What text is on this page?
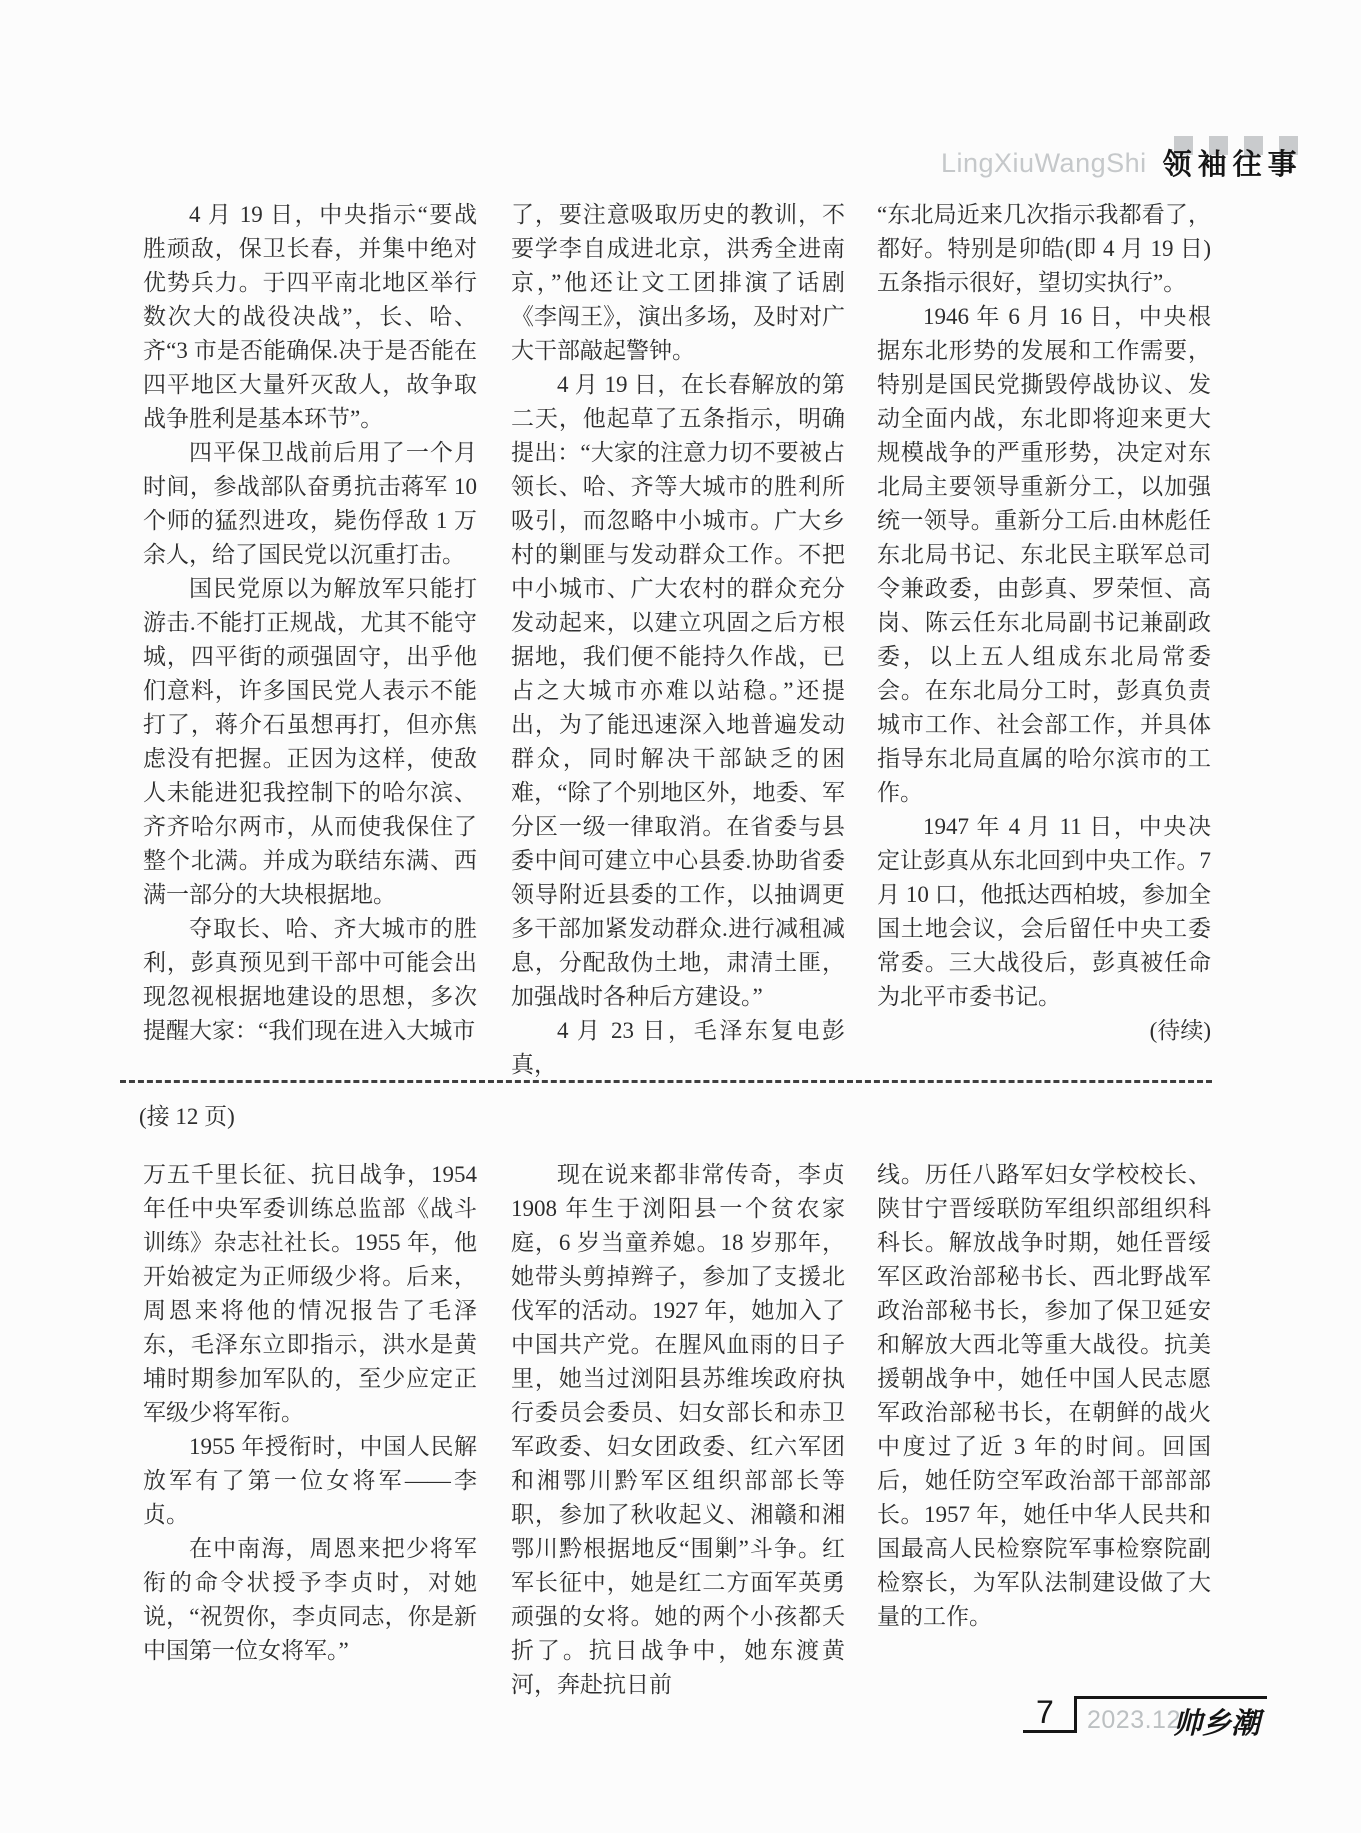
LingXiuWangShi 领 袖 往 事

4 月 19 日，中央指示“要战胜顽敌，保卫长春，并集中绝对优势兵力。于四平南北地区举行数次大的战役决战”，长、哈、齐“3 市是否能确保.决于是否能在四平地区大量歼灭敌人，故争取战争胜利是基本环节”。

四平保卫战前后用了一个月时间，参战部队奋勇抗击蒋军 10 个师的猛烈进攻，毙伤俘敌 1 万余人，给了国民党以沉重打击。

国民党原以为解放军只能打游击.不能打正规战，尤其不能守城，四平街的顽强固守，出乎他们意料，许多国民党人表示不能打了，蒋介石虽想再打，但亦焦虑没有把握。正因为这样，使敌人未能进犯我控制下的哈尔滨、齐齐哈尔两市，从而使我保住了整个北满。并成为联结东满、西满一部分的大块根据地。

夺取长、哈、齐大城市的胜利，彭真预见到干部中可能会出现忽视根据地建设的思想，多次提醒大家：“我们现在进入大城市

了，要注意吸取历史的教训，不要学李自成进北京，洪秀全进南京，”他还让文工团排演了话剧《李闯王》，演出多场，及时对广大干部敲起警钟。

4 月 19 日，在长春解放的第二天，他起草了五条指示，明确提出：“大家的注意力切不要被占领长、哈、齐等大城市的胜利所吸引，而忽略中小城市。广大乡村的剿匪与发动群众工作。不把中小城市、广大农村的群众充分发动起来，以建立巩固之后方根据地，我们便不能持久作战，已占之大城市亦难以站稳。”还提出，为了能迅速深入地普遍发动群众，同时解决干部缺乏的困难，“除了个别地区外，地委、军分区一级一律取消。在省委与县委中间可建立中心县委.协助省委领导附近县委的工作，以抽调更多干部加紧发动群众.进行减租减息，分配敌伪土地，肃清土匪，加强战时各种后方建设。”

4 月 23 日，毛泽东复电彭真，

“东北局近来几次指示我都看了，都好。特别是卯皓(即 4 月 19 日)五条指示很好，望切实执行”。

1946 年 6 月 16 日，中央根据东北形势的发展和工作需要，特别是国民党撕毁停战协议、发动全面内战，东北即将迎来更大规模战争的严重形势，决定对东北局主要领导重新分工，以加强统一领导。重新分工后.由林彪任东北局书记、东北民主联军总司令兼政委，由彭真、罗荣恒、高岗、陈云任东北局副书记兼副政委，以上五人组成东北局常委会。在东北局分工时，彭真负责城市工作、社会部工作，并具体指导东北局直属的哈尔滨市的工作。

1947 年 4 月 11 日，中央决定让彭真从东北回到中央工作。7 月 10 口，他抵达西柏坡，参加全国土地会议，会后留任中央工委常委。三大战役后，彭真被任命为北平市委书记。

(待续)

(接 12 页)

万五千里长征、抗日战争，1954 年任中央军委训练总监部《战斗训练》杂志社社长。1955 年，他开始被定为正师级少将。后来，周恩来将他的情况报告了毛泽东，毛泽东立即指示，洪水是黄埔时期参加军队的，至少应定正军级少将军衔。

1955 年授衔时，中国人民解放军有了第一位女将军——李贞。

在中南海，周恩来把少将军衔的命令状授予李贞时，对她说，“祝贺你，李贞同志，你是新中国第一位女将军。”

现在说来都非常传奇，李贞 1908 年生于浏阳县一个贫农家庭，6 岁当童养媳。18 岁那年，她带头剪掉辫子，参加了支援北伐军的活动。1927 年，她加入了中国共产党。在腥风血雨的日子里，她当过浏阳县苏维埃政府执行委员会委员、妇女部长和赤卫军政委、妇女团政委、红六军团和湘鄂川黔军区组织部部长等职，参加了秋收起义、湘赣和湘鄂川黔根据地反“围剿”斗争。红军长征中，她是红二方面军英勇顽强的女将。她的两个小孩都夭折了。抗日战争中，她东渡黄河，奔赴抗日前

线。历任八路军妇女学校校长、陕甘宁晋绥联防军组织部组织科科长。解放战争时期，她任晋绥军区政治部秘书长、西北野战军政治部秘书长，参加了保卫延安和解放大西北等重大战役。抗美援朝战争中，她任中国人民志愿军政治部秘书长，在朝鲜的战火中度过了近 3 年的时间。回国后，她任防空军政治部干部部部长。1957 年，她任中华人民共和国最高人民检察院军事检察院副检察长，为军队法制建设做了大量的工作。

7 2023.12
帅乡潮
